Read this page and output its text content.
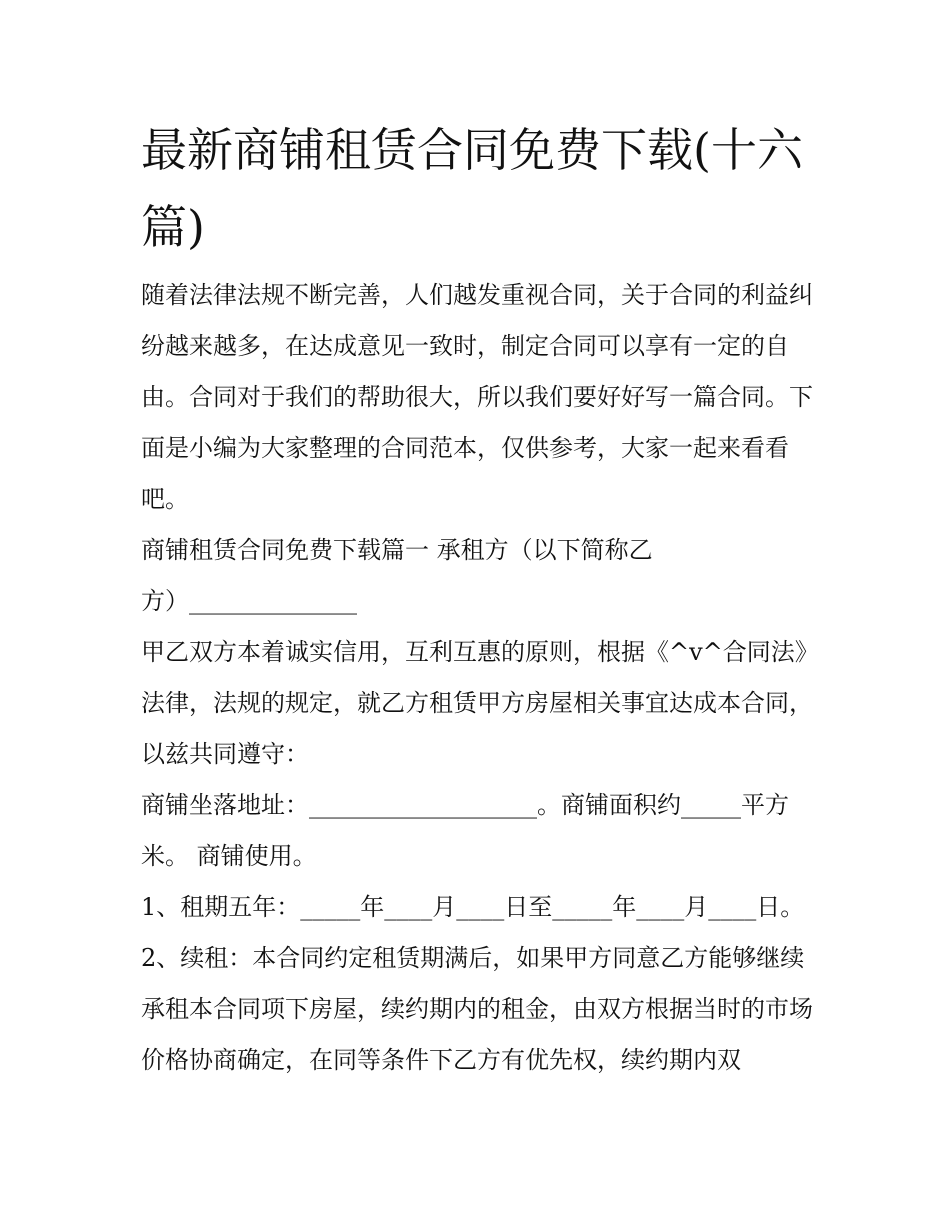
最新商铺租赁合同免费下载(十六篇)

随着法律法规不断完善，人们越发重视合同，关于合同的利益纠纷越来越多，在达成意见一致时，制定合同可以享有一定的自由。合同对于我们的帮助很大，所以我们要好好写一篇合同。下面是小编为大家整理的合同范本，仅供参考，大家一起来看看吧。

商铺租赁合同免费下载篇一 承租方（以下简称乙方）______________

甲乙双方本着诚实信用，互利互惠的原则，根据《^v^合同法》法律，法规的规定，就乙方租赁甲方房屋相关事宜达成本合同，以兹共同遵守：

商铺坐落地址：___________________。商铺面积约_____平方米。 商铺使用。

1、租期五年：_____年____月____日至_____年____月____日。

2、续租：本合同约定租赁期满后，如果甲方同意乙方能够继续承租本合同项下房屋，续约期内的租金，由双方根据当时的市场价格协商确定，在同等条件下乙方有优先权，续约期内双
